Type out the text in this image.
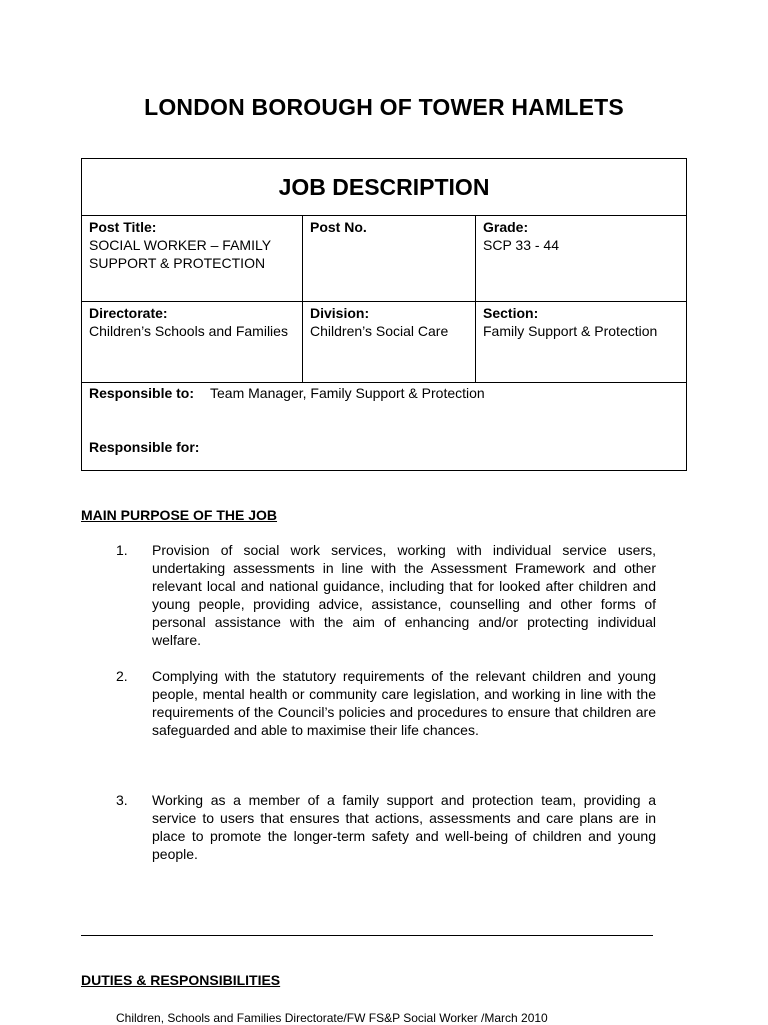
LONDON BOROUGH OF TOWER HAMLETS
JOB DESCRIPTION
Post Title:
SOCIAL WORKER – FAMILY SUPPORT & PROTECTION
Post No.	Grade:
SCP 33 - 44
Directorate:
Children’s Schools and Families
Division:
Children’s Social Care
Section:
Family Support & Protection
Responsible to: Team Manager, Family Support & Protection
Responsible for:
MAIN PURPOSE OF THE JOB
1. Provision of social work services, working with individual service users, undertaking assessments in line with the Assessment Framework and other relevant local and national guidance, including that for looked after children and young people, providing advice, assistance, counselling and other forms of personal assistance with the aim of enhancing and/or protecting individual welfare.
2. Complying with the statutory requirements of the relevant children and young people, mental health or community care legislation, and working in line with the requirements of the Council’s policies and procedures to ensure that children are safeguarded and able to maximise their life chances.
3. Working as a member of a family support and protection team, providing a service to users that ensures that actions, assessments and care plans are in place to promote the longer-term safety and well-being of children and young people.
DUTIES & RESPONSIBILITIES
Children, Schools and Families Directorate/FW FS&P Social Worker /March 2010
